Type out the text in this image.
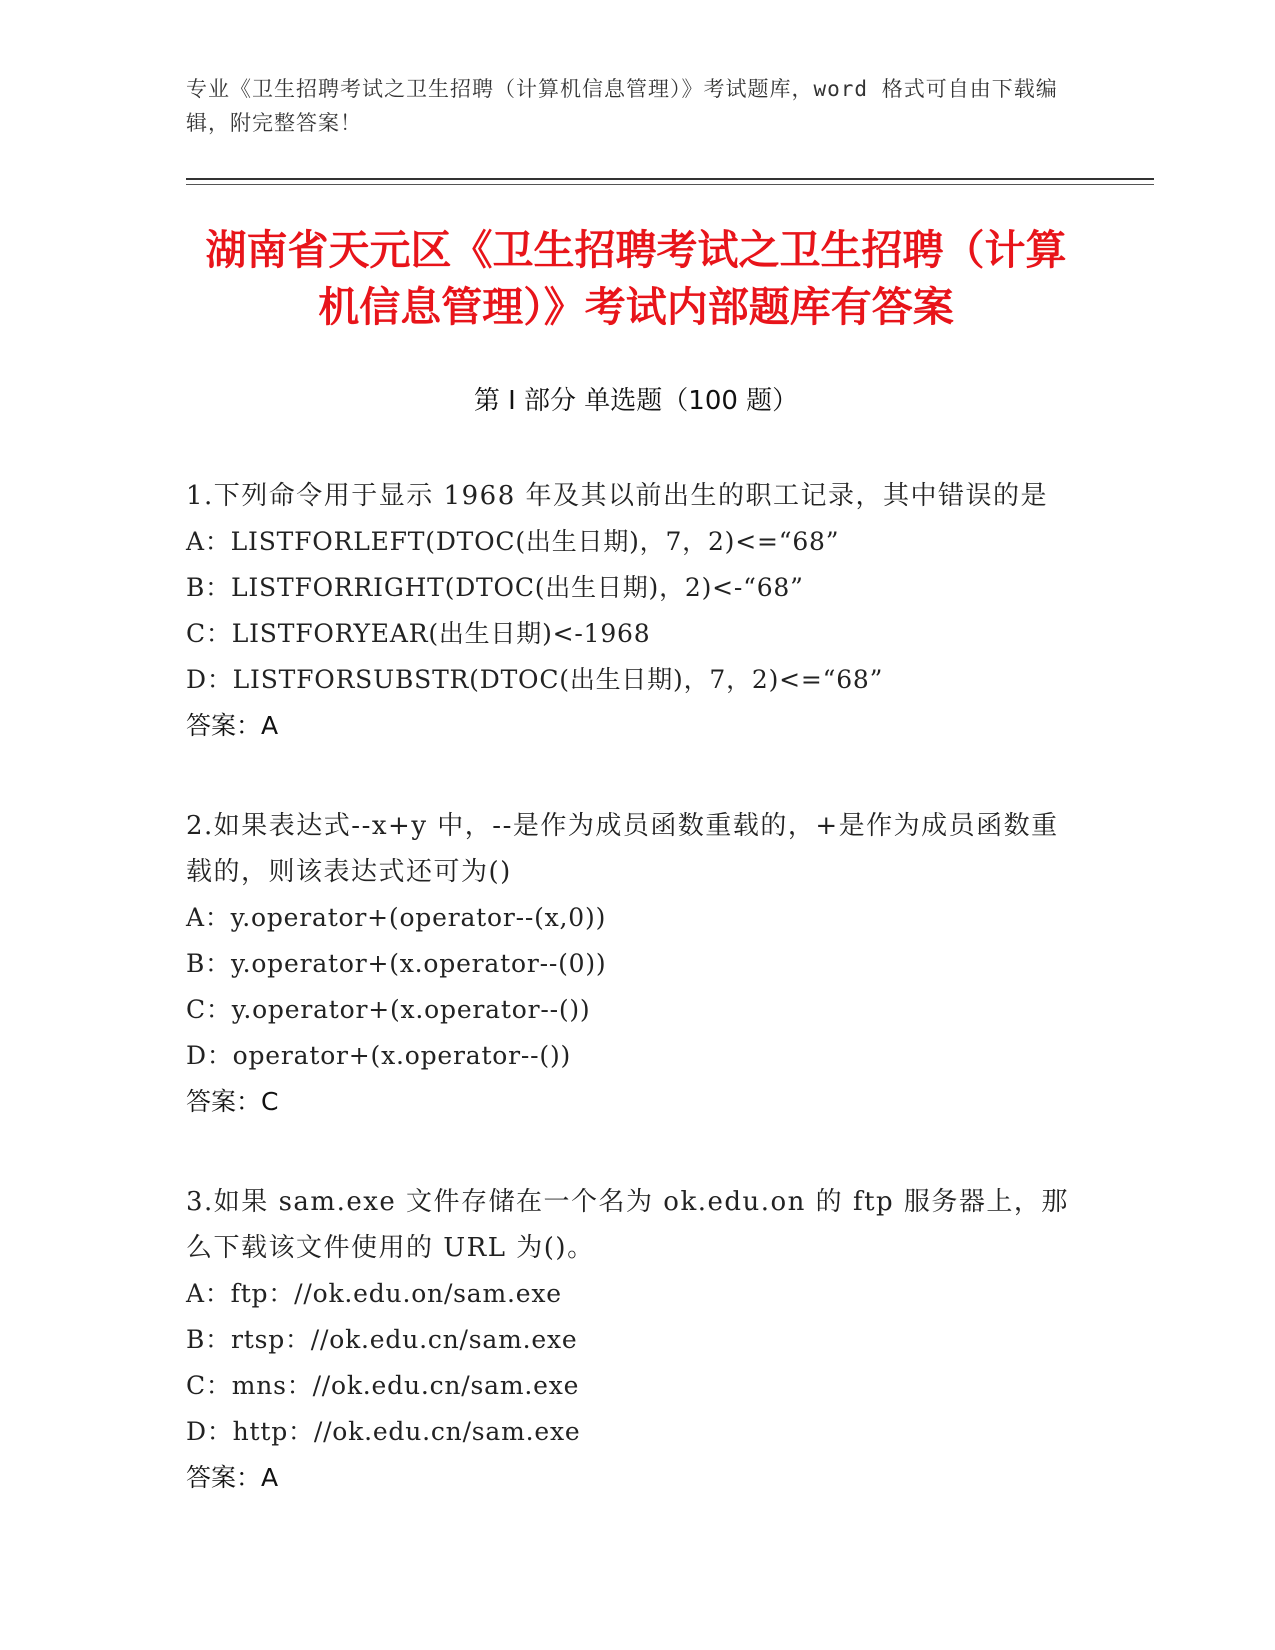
专业《卫生招聘考试之卫生招聘（计算机信息管理）》考试题库，word 格式可自由下载编辑，附完整答案！
湖南省天元区《卫生招聘考试之卫生招聘（计算机信息管理）》考试内部题库有答案
第 I 部分 单选题（100 题）

1.下列命令用于显示 1968 年及其以前出生的职工记录，其中错误的是

A：LISTFORLEFT(DTOC(出生日期)，7，2)<=“68”

B：LISTFORRIGHT(DTOC(出生日期)，2)<-“68”

C：LISTFORYEAR(出生日期)<-1968

D：LISTFORSUBSTR(DTOC(出生日期)，7，2)<=“68”

答案：A

2.如果表达式--x+y 中，--是作为成员函数重载的，+是作为成员函数重载的，则该表达式还可为()

A：y.operator+(operator--(x,0))

B：y.operator+(x.operator--(0))

C：y.operator+(x.operator--())

D：operator+(x.operator--())

答案：C

3.如果 sam.exe 文件存储在一个名为 ok.edu.on 的 ftp 服务器上，那么下载该文件使用的 URL 为()。

A：ftp：//ok.edu.on/sam.exe

B：rtsp：//ok.edu.cn/sam.exe

C：mns：//ok.edu.cn/sam.exe

D：http：//ok.edu.cn/sam.exe

答案：A
